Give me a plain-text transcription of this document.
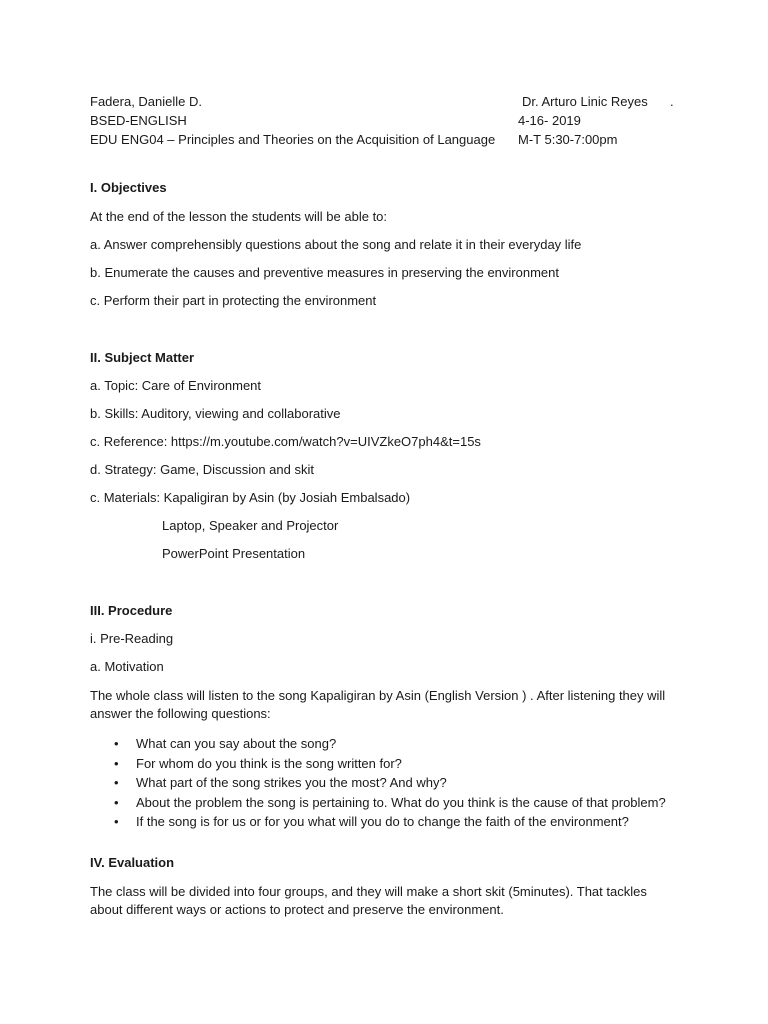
Fadera, Danielle D.
BSED-ENGLISH
EDU ENG04 – Principles and Theories on the Acquisition of Language
Dr. Arturo Linic Reyes .
4-16- 2019
M-T 5:30-7:00pm
I. Objectives
At the end of the lesson the students will be able to:
a. Answer comprehensibly questions about the song and relate it in their everyday life
b. Enumerate the causes and preventive measures in preserving the environment
c. Perform their part in protecting the environment
II. Subject Matter
a. Topic: Care of Environment
b. Skills: Auditory, viewing and collaborative
c. Reference: https://m.youtube.com/watch?v=UIVZkeO7ph4&t=15s
d. Strategy: Game, Discussion and skit
c. Materials: Kapaligiran by Asin (by Josiah Embalsado)
Laptop, Speaker and Projector
PowerPoint Presentation
III. Procedure
i. Pre-Reading
a. Motivation
The whole class will listen to the song Kapaligiran by Asin (English Version ) . After listening they will answer the following questions:
• What can you say about the song?
• For whom do you think is the song written for?
• What part of the song strikes you the most? And why?
• About the problem the song is pertaining to. What do you think is the cause of that problem?
• If the song is for us or for you what will you do to change the faith of the environment?
IV. Evaluation
The class will be divided into four groups, and they will make a short skit (5minutes). That tackles about different ways or actions to protect and preserve the environment.
